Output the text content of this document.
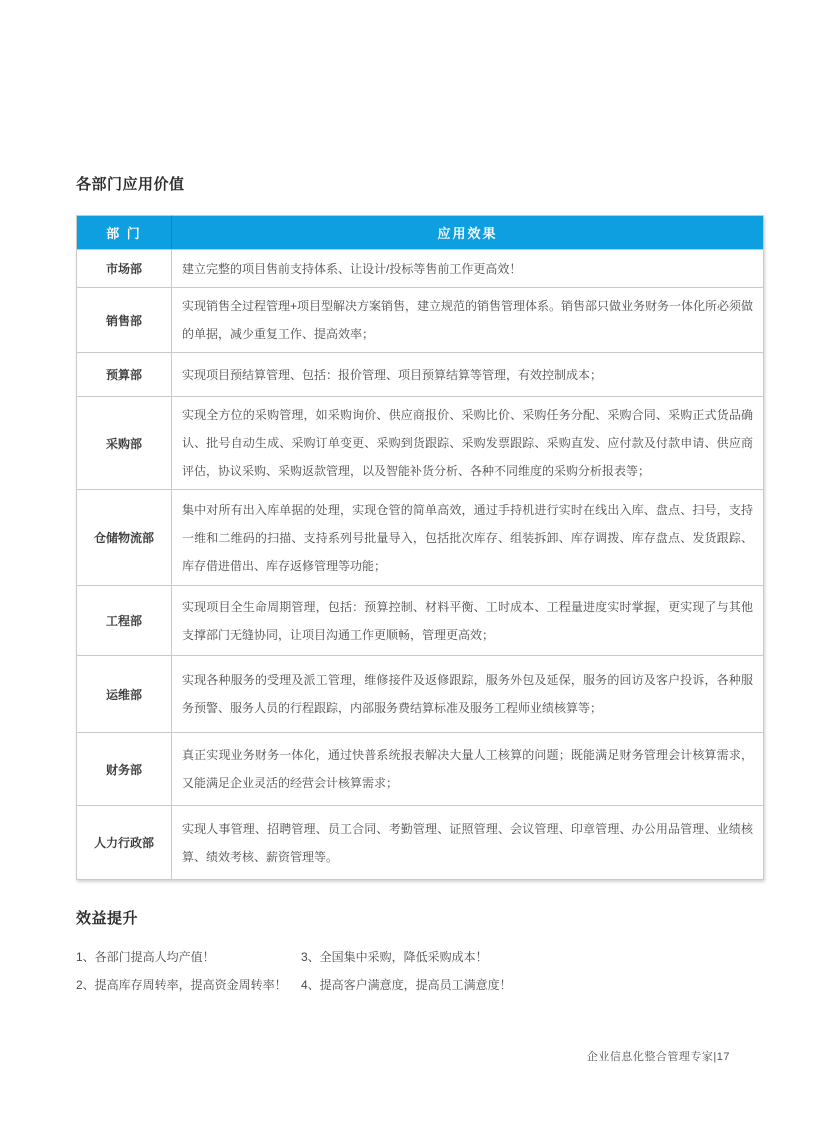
各部门应用价值
部 门	应用效果
市场部	建立完整的项目售前支持体系、让设计/投标等售前工作更高效！
销售部	实现销售全过程管理+项目型解决方案销售，建立规范的销售管理体系。销售部只做业务财务一体化所必须做的单据，减少重复工作、提高效率；
预算部	实现项目预结算管理、包括：报价管理、项目预算结算等管理，有效控制成本；
采购部	实现全方位的采购管理，如采购询价、供应商报价、采购比价、采购任务分配、采购合同、采购正式货品确认、批号自动生成、采购订单变更、采购到货跟踪、采购发票跟踪、采购直发、应付款及付款申请、供应商评估，协议采购、采购返款管理，以及智能补货分析、各种不同维度的采购分析报表等；
仓储物流部	集中对所有出入库单据的处理，实现仓管的简单高效，通过手持机进行实时在线出入库、盘点、扫号，支持一维和二维码的扫描、支持系列号批量导入，包括批次库存、组装拆卸、库存调拨、库存盘点、发货跟踪、库存借进借出、库存返修管理等功能；
工程部	实现项目全生命周期管理，包括：预算控制、材料平衡、工时成本、工程量进度实时掌握，更实现了与其他支撑部门无缝协同，让项目沟通工作更顺畅，管理更高效；
运维部	实现各种服务的受理及派工管理，维修接件及返修跟踪，服务外包及延保，服务的回访及客户投诉，各种服务预警、服务人员的行程跟踪，内部服务费结算标准及服务工程师业绩核算等；
财务部	真正实现业务财务一体化，通过快普系统报表解决大量人工核算的问题；既能满足财务管理会计核算需求，又能满足企业灵活的经营会计核算需求；
人力行政部	实现人事管理、招聘管理、员工合同、考勤管理、证照管理、会议管理、印章管理、办公用品管理、业绩核算、绩效考核、薪资管理等。
效益提升
1、各部门提高人均产值！	3、全国集中采购，降低采购成本！
2、提高库存周转率，提高资金周转率！	4、提高客户满意度，提高员工满意度！
企业信息化整合管理专家|17
